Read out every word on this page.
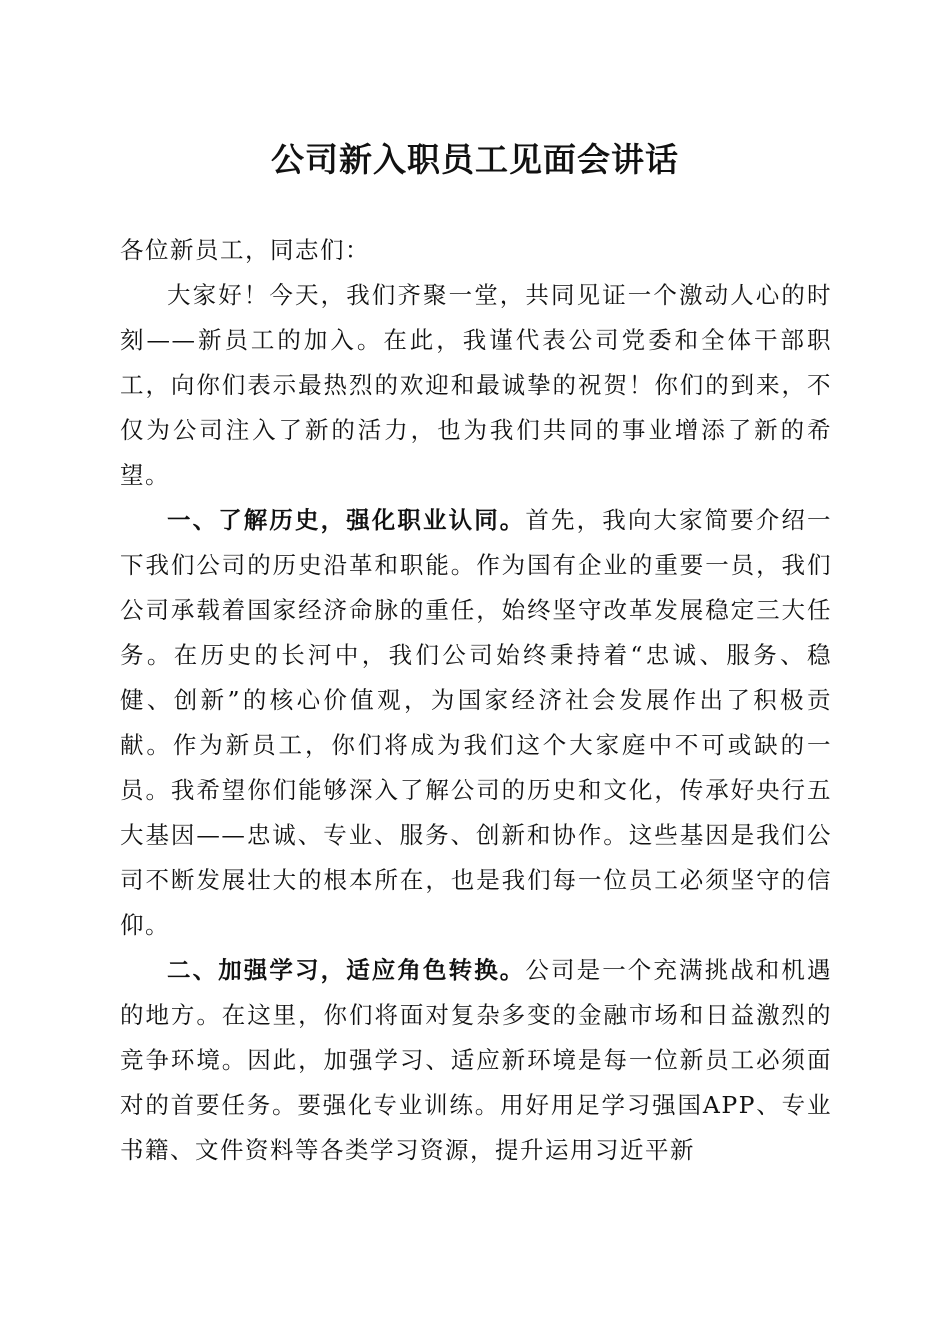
公司新入职员工见面会讲话

各位新员工，同志们：

大家好！今天，我们齐聚一堂，共同见证一个激动人心的时刻——新员工的加入。在此，我谨代表公司党委和全体干部职工，向你们表示最热烈的欢迎和最诚挚的祝贺！你们的到来，不仅为公司注入了新的活力，也为我们共同的事业增添了新的希望。

一、了解历史，强化职业认同。首先，我向大家简要介绍一下我们公司的历史沿革和职能。作为国有企业的重要一员，我们公司承载着国家经济命脉的重任，始终坚守改革发展稳定三大任务。在历史的长河中，我们公司始终秉持着“忠诚、服务、稳健、创新”的核心价值观，为国家经济社会发展作出了积极贡献。作为新员工，你们将成为我们这个大家庭中不可或缺的一员。我希望你们能够深入了解公司的历史和文化，传承好央行五大基因——忠诚、专业、服务、创新和协作。这些基因是我们公司不断发展壮大的根本所在，也是我们每一位员工必须坚守的信仰。

二、加强学习，适应角色转换。公司是一个充满挑战和机遇的地方。在这里，你们将面对复杂多变的金融市场和日益激烈的竞争环境。因此，加强学习、适应新环境是每一位新员工必须面对的首要任务。要强化专业训练。用好用足学习强国APP、专业书籍、文件资料等各类学习资源，提升运用习近平新
